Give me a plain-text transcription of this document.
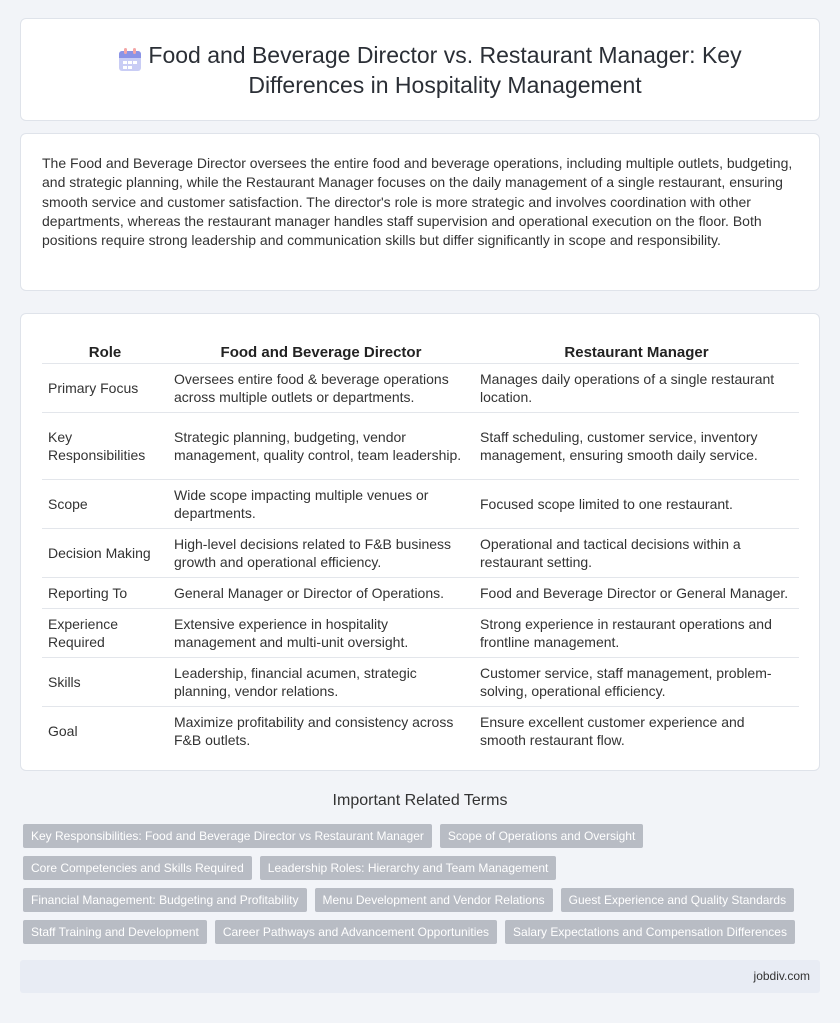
Food and Beverage Director vs. Restaurant Manager: Key Differences in Hospitality Management

The Food and Beverage Director oversees the entire food and beverage operations, including multiple outlets, budgeting, and strategic planning, while the Restaurant Manager focuses on the daily management of a single restaurant, ensuring smooth service and customer satisfaction. The director's role is more strategic and involves coordination with other departments, whereas the restaurant manager handles staff supervision and operational execution on the floor. Both positions require strong leadership and communication skills but differ significantly in scope and responsibility.

Role	Food and Beverage Director	Restaurant Manager
Primary Focus	Oversees entire food & beverage operations across multiple outlets or departments.	Manages daily operations of a single restaurant location.
Key Responsibilities	Strategic planning, budgeting, vendor management, quality control, team leadership.	Staff scheduling, customer service, inventory management, ensuring smooth daily service.
Scope	Wide scope impacting multiple venues or departments.	Focused scope limited to one restaurant.
Decision Making	High-level decisions related to F&B business growth and operational efficiency.	Operational and tactical decisions within a restaurant setting.
Reporting To	General Manager or Director of Operations.	Food and Beverage Director or General Manager.
Experience Required	Extensive experience in hospitality management and multi-unit oversight.	Strong experience in restaurant operations and frontline management.
Skills	Leadership, financial acumen, strategic planning, vendor relations.	Customer service, staff management, problem-solving, operational efficiency.
Goal	Maximize profitability and consistency across F&B outlets.	Ensure excellent customer experience and smooth restaurant flow.
Important Related Terms
Key Responsibilities: Food and Beverage Director vs Restaurant Manager	Scope of Operations and Oversight
Core Competencies and Skills Required	Leadership Roles: Hierarchy and Team Management
Financial Management: Budgeting and Profitability	Menu Development and Vendor Relations	Guest Experience and Quality Standards
Staff Training and Development	Career Pathways and Advancement Opportunities	Salary Expectations and Compensation Differences
jobdiv.com
